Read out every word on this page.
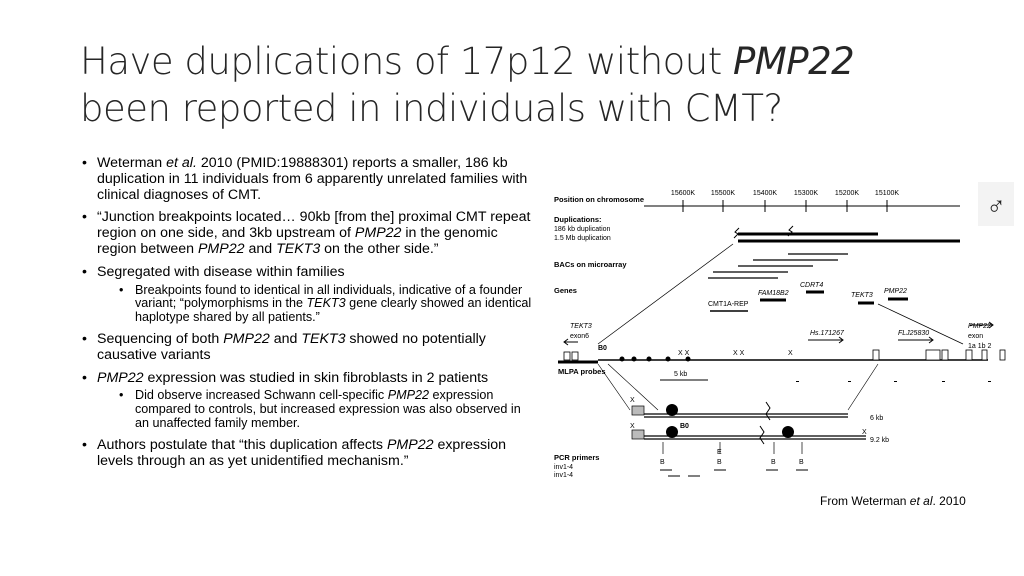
Have duplications of 17p12 without PMP22
been reported in individuals with CMT?
• Weterman et al. 2010 (PMID:19888301) reports a smaller, 186 kb duplication in 11 individuals from 6 apparently unrelated families with clinical diagnoses of CMT.
• “Junction breakpoints located… 90kb [from the] proximal CMT repeat region on one side, and 3kb upstream of PMP22 in the genomic region between PMP22 and TEKT3 on the other side.”
• Segregated with disease within families
• Breakpoints found to identical in all individuals, indicative of a founder variant; “polymorphisms in the TEKT3 gene clearly showed an identical haplotype shared by all patients.”
• Sequencing of both PMP22 and TEKT3 showed no potentially causative variants
• PMP22 expression was studied in skin fibroblasts in 2 patients
• Did observe increased Schwann cell-specific PMP22 expression compared to controls, but increased expression was also observed in an unaffected family member.
• Authors postulate that “this duplication affects PMP22 expression levels through an as yet unidentified mechanism.”
♂
Position on chromosome
15600K 15500K	15400K 15300K 15200K 15100K
Duplications:
186 kb duplication
1.5 Mb duplication
BACs on microarray
Genes	FAM18B2
CDRT4
TEKT3
PMP22
CMT1A-REP
TEKT3
exon6
B0
Hs.171267	FLJ25830
PMP22
exon
1a 1b 2
X X	X X	X
MLPA probes	5 kb
X
6 kb
X	B0
X
9.2 kb
PCR primers
inv1-4
inv1-4
B
E
B	B	B
From Weterman et al. 2010
